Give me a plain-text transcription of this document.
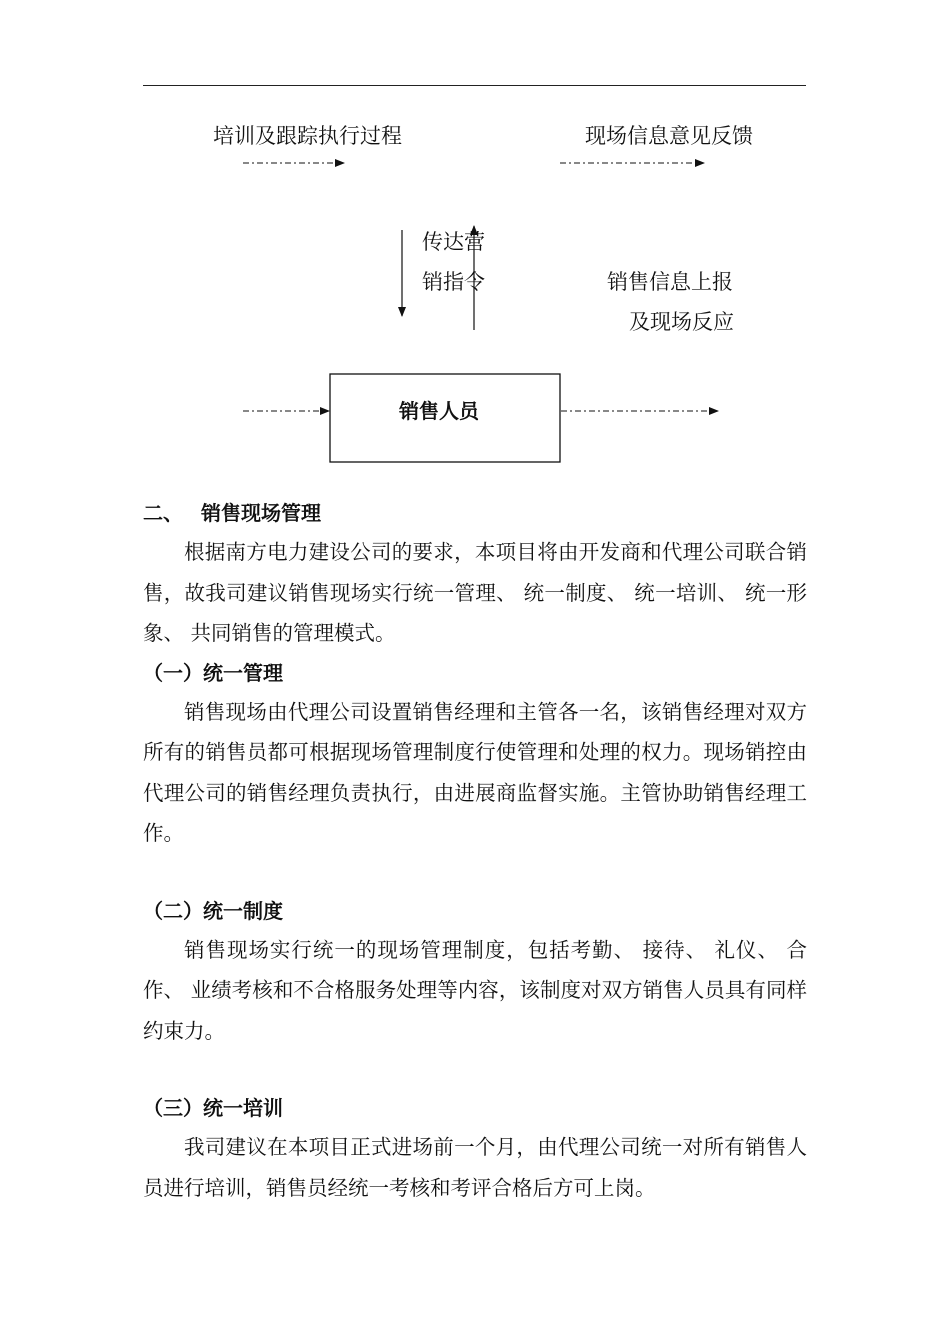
培训及跟踪执行过程	现场信息意见反馈
传达营
销指令	销售信息上报
及现场反应
销售人员
二、 销售现场管理

根据南方电力建设公司的要求，本项目将由开发商和代理公司联合销售，故我司建议销售现场实行统一管理、 统一制度、 统一培训、 统一形象、 共同销售的管理模式。

（一）统一管理

销售现场由代理公司设置销售经理和主管各一名，该销售经理对双方所有的销售员都可根据现场管理制度行使管理和处理的权力。现场销控由代理公司的销售经理负责执行，由进展商监督实施。主管协助销售经理工作。

（二）统一制度

销售现场实行统一的现场管理制度，包括考勤、 接待、 礼仪、 合作、 业绩考核和不合格服务处理等内容，该制度对双方销售人员具有同样约束力。

（三）统一培训

我司建议在本项目正式进场前一个月，由代理公司统一对所有销售人员进行培训，销售员经统一考核和考评合格后方可上岗。
